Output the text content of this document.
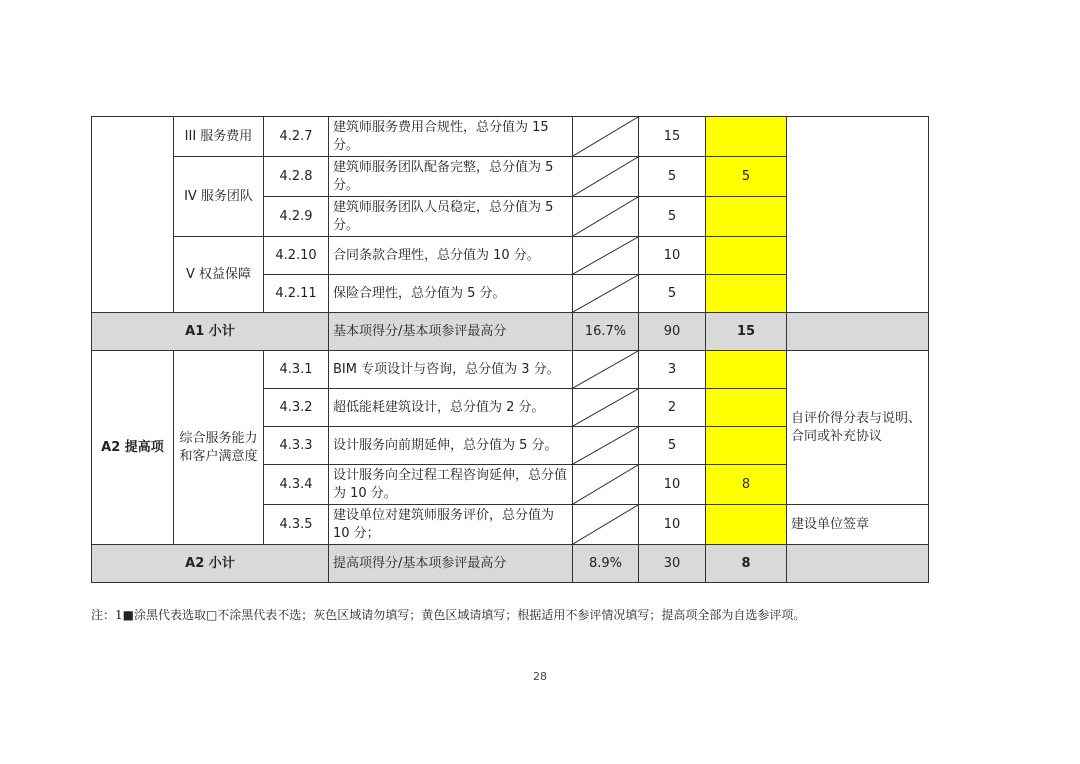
	III 服务费用	4.2.7	建筑师服务费用合规性，总分值为 15 分。		15		
	IV 服务团队	4.2.8	建筑师服务团队配备完整，总分值为 5 分。		5	5	
		4.2.9	建筑师服务团队人员稳定，总分值为 5 分。		5		
	V 权益保障	4.2.10	合同条款合理性，总分值为 10 分。		10		
		4.2.11	保险合理性，总分值为 5 分。		5		
A1 小计			基本项得分/基本项参评最高分	16.7%	90	15	
A2 提高项	综合服务能力和客户满意度	4.3.1	BIM 专项设计与咨询，总分值为 3 分。		3		自评价得分表与说明、合同或补充协议
		4.3.2	超低能耗建筑设计，总分值为 2 分。		2		
		4.3.3	设计服务向前期延伸，总分值为 5 分。		5		
		4.3.4	设计服务向全过程工程咨询延伸，总分值为 10 分。		10	8	
		4.3.5	建设单位对建筑师服务评价，总分值为 10 分；		10		建设单位签章
A2 小计			提高项得分/基本项参评最高分	8.9%	30	8	
注：1■涂黑代表选取□不涂黑代表不选；灰色区域请勿填写；黄色区域请填写；根据适用不参评情况填写；提高项全部为自选参评项。
28
